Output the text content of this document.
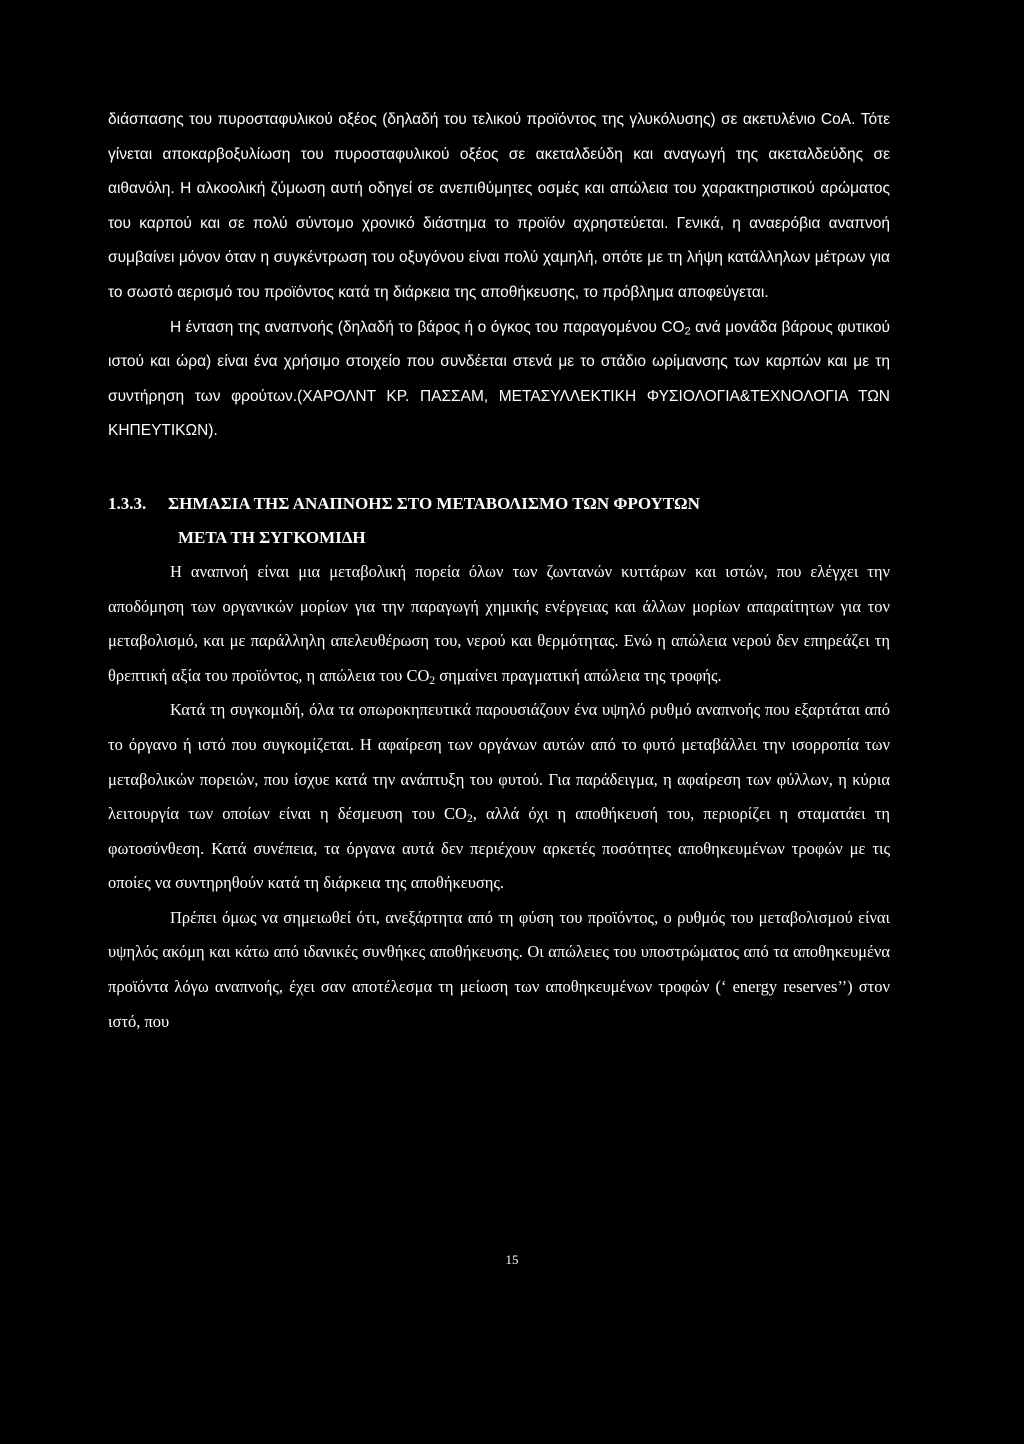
διάσπασης του πυροσταφυλικού οξέος (δηλαδή του τελικού προϊόντος της γλυκόλυσης) σε ακετυλένιο CoA. Τότε γίνεται αποκαρβοξυλίωση του πυροσταφυλικού οξέος σε ακεταλδεύδη και αναγωγή της ακεταλδεύδης σε αιθανόλη. Η αλκοολική ζύμωση αυτή οδηγεί σε ανεπιθύμητες οσμές και απώλεια του χαρακτηριστικού αρώματος του καρπού και σε πολύ σύντομο χρονικό διάστημα το προϊόν αχρηστεύεται. Γενικά, η αναερόβια αναπνοή συμβαίνει μόνον όταν η συγκέντρωση του οξυγόνου είναι πολύ χαμηλή, οπότε με τη λήψη κατάλληλων μέτρων για το σωστό αερισμό του προϊόντος κατά τη διάρκεια της αποθήκευσης, το πρόβλημα αποφεύγεται.

Η ένταση της αναπνοής (δηλαδή το βάρος ή ο όγκος του παραγομένου $CO_2$ ανά μονάδα βάρους φυτικού ιστού και ώρα) είναι ένα χρήσιμο στοιχείο που συνδέεται στενά με το στάδιο ωρίμανσης των καρπών και με τη συντήρηση των φρούτων.(ΧΑΡΟΛΝΤ ΚΡ. ΠΑΣΣΑΜ, ΜΕΤΑΣΥΛΛΕΚΤΙΚΗ ΦΥΣΙΟΛΟΓΙΑ&ΤΕΧΝΟΛΟΓΙΑ ΤΩΝ ΚΗΠΕΥΤΙΚΩΝ).

1.3.3. ΣΗΜΑΣΙΑ ΤΗΣ ΑΝΑΠΝΟΗΣ ΣΤΟ ΜΕΤΑΒΟΛΙΣΜΟ ΤΩΝ ΦΡΟΥΤΩΝ
ΜΕΤΑ ΤΗ ΣΥΓΚΟΜΙΔΗ

Η αναπνοή είναι μια μεταβολική πορεία όλων των ζωντανών κυττάρων και ιστών, που ελέγχει την αποδόμηση των οργανικών μορίων για την παραγωγή χημικής ενέργειας και άλλων μορίων απαραίτητων για τον μεταβολισμό, και με παράλληλη απελευθέρωση του, νερού και θερμότητας. Ενώ η απώλεια νερού δεν επηρεάζει τη θρεπτική αξία του προϊόντος, η απώλεια του $CO_2$ σημαίνει πραγματική απώλεια της τροφής.

Κατά τη συγκομιδή, όλα τα οπωροκηπευτικά παρουσιάζουν ένα υψηλό ρυθμό αναπνοής που εξαρτάται από το όργανο ή ιστό που συγκομίζεται. Η αφαίρεση των οργάνων αυτών από το φυτό μεταβάλλει την ισορροπία των μεταβολικών πορειών, που ίσχυε κατά την ανάπτυξη του φυτού. Για παράδειγμα, η αφαίρεση των φύλλων, η κύρια λειτουργία των οποίων είναι η δέσμευση του $CO_2$, αλλά όχι η αποθήκευσή του, περιορίζει η σταματάει τη φωτοσύνθεση. Κατά συνέπεια, τα όργανα αυτά δεν περιέχουν αρκετές ποσότητες αποθηκευμένων τροφών με τις οποίες να συντηρηθούν κατά τη διάρκεια της αποθήκευσης.

Πρέπει όμως να σημειωθεί ότι, ανεξάρτητα από τη φύση του προϊόντος, ο ρυθμός του μεταβολισμού είναι υψηλός ακόμη και κάτω από ιδανικές συνθήκες αποθήκευσης. Οι απώλειες του υποστρώματος από τα αποθηκευμένα προϊόντα λόγω αναπνοής, έχει σαν αποτέλεσμα τη μείωση των αποθηκευμένων τροφών (‘ energy reserves’’) στον ιστό, που

15
